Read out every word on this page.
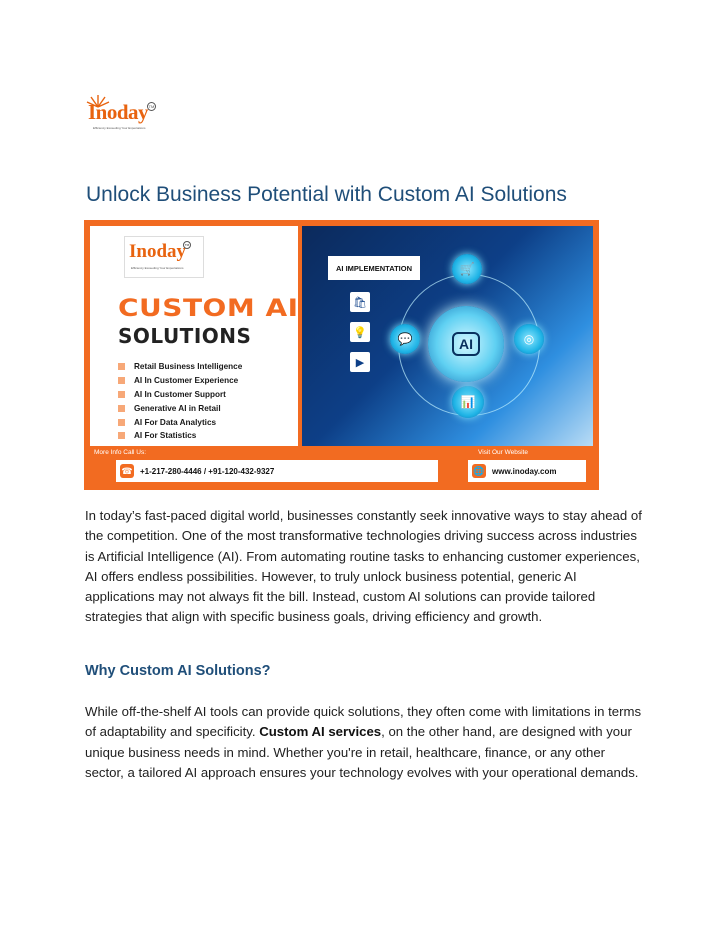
Inoday TM
Efficiency Exceeding Your Expectations
Unlock Business Potential with Custom AI Solutions
Inoday
TM
Efficiency Exceeding Your Expectations
CUSTOM AI
SOLUTIONS
Retail Business Intelligence
AI In Customer Experience
AI In Customer Support
Generative AI in Retail
AI For Data Analytics
AI For Statistics
AI IMPLEMENTATION
🛍
💡
▶
🛒
💬	◎
📊
AI
More Info Call Us:	Visit Our Website
☎ +1-217-280-4446 / +91-120-432-9327	🌐 www.inoday.com

In today’s fast-paced digital world, businesses constantly seek innovative ways to stay ahead of the competition. One of the most transformative technologies driving success across industries is Artificial Intelligence (AI). From automating routine tasks to enhancing customer experiences, AI offers endless possibilities. However, to truly unlock business potential, generic AI applications may not always fit the bill. Instead, custom AI solutions can provide tailored strategies that align with specific business goals, driving efficiency and growth.

Why Custom AI Solutions?

While off-the-shelf AI tools can provide quick solutions, they often come with limitations in terms of adaptability and specificity. Custom AI services, on the other hand, are designed with your unique business needs in mind. Whether you're in retail, healthcare, finance, or any other sector, a tailored AI approach ensures your technology evolves with your operational demands.
